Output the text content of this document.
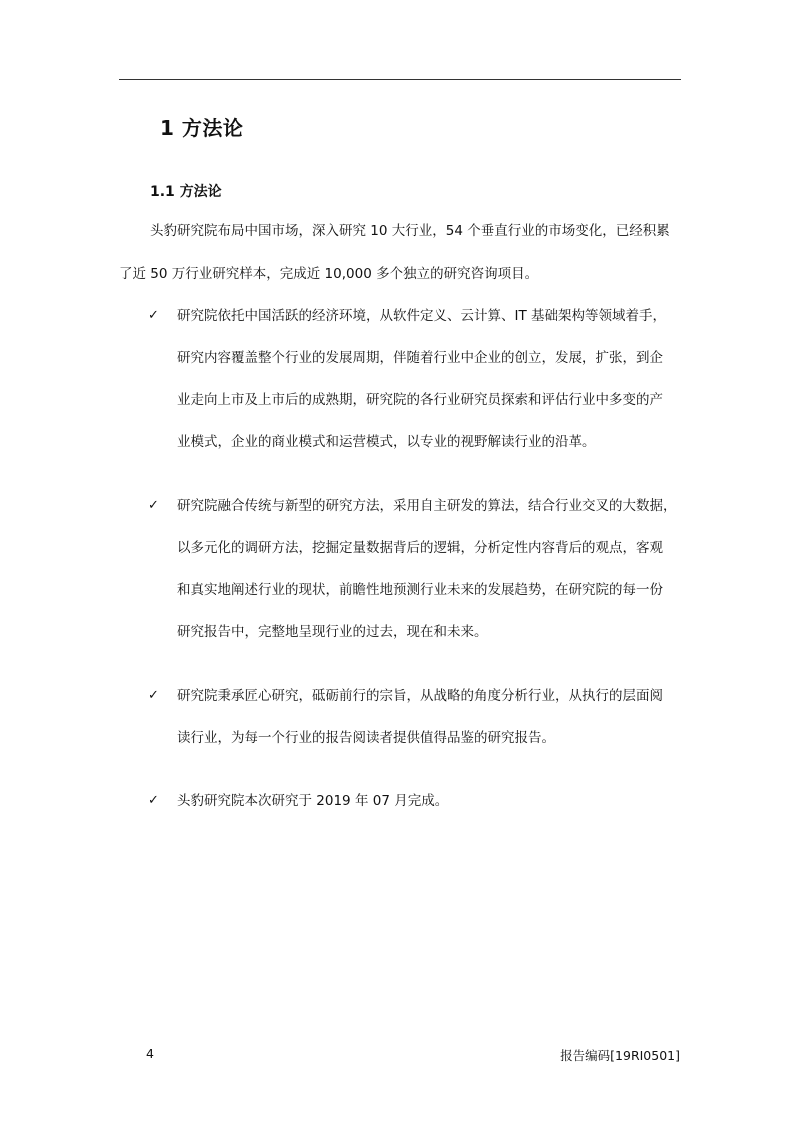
1 方法论
1.1 方法论
头豹研究院布局中国市场，深入研究 10 大行业，54 个垂直行业的市场变化，已经积累
了近 50 万行业研究样本，完成近 10,000 多个独立的研究咨询项目。
✓ 研究院依托中国活跃的经济环境，从软件定义、云计算、IT 基础架构等领域着手，
研究内容覆盖整个行业的发展周期，伴随着行业中企业的创立，发展，扩张，到企
业走向上市及上市后的成熟期，研究院的各行业研究员探索和评估行业中多变的产
业模式，企业的商业模式和运营模式，以专业的视野解读行业的沿革。
✓ 研究院融合传统与新型的研究方法，采用自主研发的算法，结合行业交叉的大数据，
以多元化的调研方法，挖掘定量数据背后的逻辑，分析定性内容背后的观点，客观
和真实地阐述行业的现状，前瞻性地预测行业未来的发展趋势，在研究院的每一份
研究报告中，完整地呈现行业的过去，现在和未来。
✓ 研究院秉承匠心研究，砥砺前行的宗旨，从战略的角度分析行业，从执行的层面阅
读行业，为每一个行业的报告阅读者提供值得品鉴的研究报告。
✓ 头豹研究院本次研究于 2019 年 07 月完成。
4	报告编码[19RI0501]
